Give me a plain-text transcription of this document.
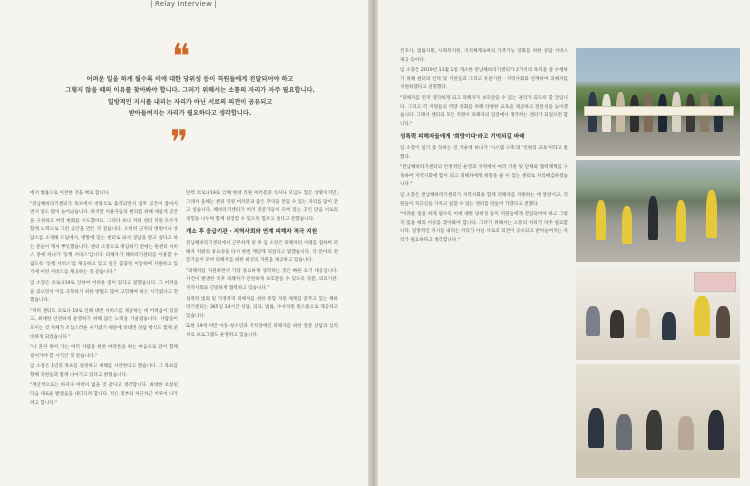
| Relay Interview |
❝
어려운 일을 하게 될수록 이에 대한 당위성 등이 직원들에게 전달되어야 하고
그렇지 않을 때의 이유를 찾아봐야 합니다. 그러기 위해서는 소통의 자리가 자주 필요합니다.
일방적인 지시를 내리는 자리가 아닌 서로의 의견이 공유되고
받아들여지는 자리가 필요하다고 생각합니다.
❞

에서 법률으로 이전한 것을 배로 합니다.

"전남해바라기센터가 목포에서 영광으로 출격되면서 업무 공간이 좁아지면서 일도 많이 늘어났습니다. 하지만 이용자들의 편의를 위해 새롭게 공간을 구성하고 여러 변화를 시도했어요. 그러다 보니 저희 센터 직원 모두가 함께 노력으로 그런 공간을 만든 것 같습니다. 오히려 근처의 병원이나 상담소를 소개해 드림에서, 방향에 있는 센터로 와서 상담을 받고 싶다고 하는 분들이 계셔 뿌듯했습니다. 센터 소장으로 취임하기 전에는 원센터 서비스 중에 하나가 '동행 서비스'입니다. 피해자가 해바라기센터를 이용할 수 없도록 '동행 서비스'를 제공하고 있고 일은 꼼꼼히 이동하며 지원하고 있기에 이런 서비스를 제공하는 것 같습니다."

임 소장은 코로나19로 인하여 어려운 점이 있다고 말했습니다. 그 어려움을 겪으면서 이를 극복하기 위한 방법도 많이 고민해야 하는 시기였다고 전했습니다.

"저희 센터도 코로나 19로 인해 대면 서비스를 제공하는 데 어려움이 있었고, 최대한 안전하게 운영하기 위해 많은 노력을 기울였습니다. 사람들이 모이는 것 자체가 조심스러운 시기였기 때문에 비대면 상담 방식도 함께 준비하게 되었습니다."

"나 혼자 뛰어 가는 여러 사람을 위한 마라톤을 하는 마음으로 같이 함께 걸어가야 할 시기인 것 같습니다."

임 소장은 1년의 목표를 설정하고 새해를 시작한다고 했습니다. 그 목표를 향해 직원들과 함께 나아가고 있다고 밝혔습니다.

"계산적으로는 하지나 여력이 없을 것 같다고 생각합니다. 최대한 보살핀 다음 새로운 발걸음을 내디디려 합니다. 작은 것부터 차근차근 이루어 나가려고 합니다."

탄력 코로나19로 인해 현대 직원 여러분과 식사나 모임도 힘든 상황이지만, 그래서 올해는 센터 직원 여러분과 좋은 추억을 만들 수 있는 자리를 많이 갖고 싶습니다. 해바라기센터가 여러 전문가들이 모여 있는 곳인 만큼 서로의 경험을 나누며 함께 성장할 수 있도록 힘쓰고 싶다고 전했습니다.

개소 후 응급기관 · 지역사회와 연계 피해자 적극 지원

전남해바라기센터에서 근무하게 된 후 임 소장은 피해자의 사례를 접하며 피해자 지원의 중요성을 다시 한번 깨닫게 되었다고 말했습니다. 각 분야의 전문가들이 모여 피해자를 위한 최선의 지원을 제공하고 있습니다.

"피해자를 지원하면서 가장 중요하게 생각하는 것은 빠른 초기 대응입니다. 사건이 발생한 직후 피해자가 안전하게 보호받을 수 있도록 경찰, 의료기관, 지역사회와 긴밀하게 협력하고 있습니다."

성폭력 범죄 및 가정폭력 피해자를 위한 통합 지원 체계를 갖추고 있는 해바라기센터는 365일 24시간 상담, 의료, 법률, 수사지원 원스톱으로 제공하고 있습니다.

또한 19세 미만 아동·청소년과 지적장애인 피해자를 위한 전문 상담과 심리치료 프로그램도 운영하고 있습니다.

건호사, 법률지원, 사회복지원, 지지체계로써의 가족기능 강화를 위한 상담 서비스 제공 등이다.

임 소장은 2019년 11월 1일 개소한 전남해바라기센터가 2가지의 목적을 잘 수행하기 위해 센터의 인력 및 기관들과 그리고 유관기관 · 지역사회와 연계하여 피해자를 지원하겠다고 설명했다.

"피해자를 먼저 생각하게 되고 피해자가 보호받을 수 있는 권리가 되도록 할 것입니다. 그리고 각 지원들의 역량 강화를 위해 다양한 교육을 제공하고 전문성을 높이겠습니다. 그래서 센터의 모든 직원이 피해자의 입장에서 생각하는 센터가 되었으면 합니다."

성폭력 피해자들에게 '희망이다'라고 기억되길 바래

임 소장이 일기 중 꼭하는 것 가운데 하나가 '시스템 구축'과 '인원의 교육'이라고 말했다.

"전남해바라기센터의 안정적인 운영과 지역에서 여러 기관 및 단체와 협력체계를 구축하여 지역사회에 힘이 되고 피해자에게 희망을 줄 수 있는 센터로 자리매김하겠습니다."

임 소장은 전남해바라기센터가 지역사회와 함께 피해자를 지원하는 데 앞장서고, 직원들이 자긍심을 가지고 일할 수 있는 센터를 만들어 가겠다고 전했다.

"어려운 일을 하게 될수록 이에 대한 당위성 등이 직원들에게 전달되어야 하고 그렇지 않을 때의 이유를 찾아봐야 합니다. 그러기 위해서는 소통의 자리가 자주 필요합니다. 일방적인 지시를 내리는 자리가 아닌 서로의 의견이 공유되고 받아들여지는 자리가 필요하다고 생각합니다."
